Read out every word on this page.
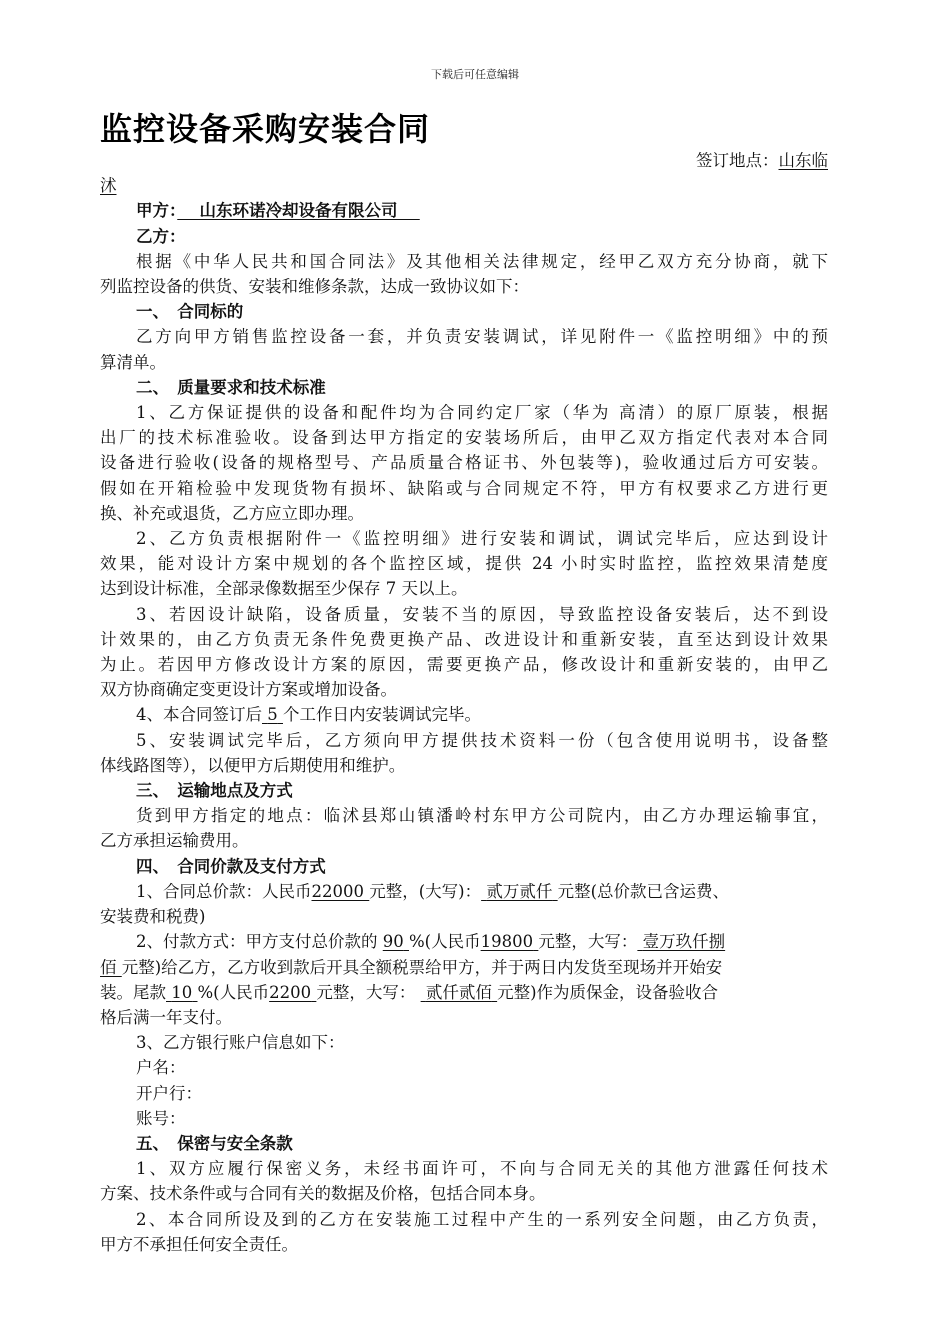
下载后可任意编辑
监控设备采购安装合同
签订地点：山东临
沭
甲方：　 山东环诺冷却设备有限公司　
乙方：
根据《中华人民共和国合同法》及其他相关法律规定，经甲乙双方充分协商，就下
列监控设备的供货、安装和维修条款，达成一致协议如下：
一、　合同标的
乙方向甲方销售监控设备一套，并负责安装调试，详见附件一《监控明细》中的预
算清单。
二、　质量要求和技术标准
1、乙方保证提供的设备和配件均为合同约定厂家（华为 高清）的原厂原装，根据
出厂的技术标准验收。设备到达甲方指定的安装场所后，由甲乙双方指定代表对本合同
设备进行验收(设备的规格型号、产品质量合格证书、外包装等)，验收通过后方可安装。
假如在开箱检验中发现货物有损坏、缺陷或与合同规定不符，甲方有权要求乙方进行更
换、补充或退货，乙方应立即办理。
2、乙方负责根据附件一《监控明细》进行安装和调试，调试完毕后，应达到设计
效果，能对设计方案中规划的各个监控区域，提供 24 小时实时监控，监控效果清楚度
达到设计标准，全部录像数据至少保存 7 天以上。
3、若因设计缺陷，设备质量，安装不当的原因，导致监控设备安装后，达不到设
计效果的，由乙方负责无条件免费更换产品、改进设计和重新安装，直至达到设计效果
为止。若因甲方修改设计方案的原因，需要更换产品，修改设计和重新安装的，由甲乙
双方协商确定变更设计方案或增加设备。
4、本合同签订后 5 个工作日内安装调试完毕。
5、安装调试完毕后，乙方须向甲方提供技术资料一份（包含使用说明书，设备整
体线路图等），以便甲方后期使用和维护。
三、　运输地点及方式
货到甲方指定的地点：临沭县郑山镇潘岭村东甲方公司院内，由乙方办理运输事宜，
乙方承担运输费用。
四、　合同价款及支付方式
1、合同总价款：人民币22000 元整，(大写)： 贰万贰仟 元整(总价款已含运费、
安装费和税费)
2、付款方式：甲方支付总价款的 90 %(人民币19800 元整，大写： 壹万玖仟捌
佰 元整)给乙方，乙方收到款后开具全额税票给甲方，并于两日内发货至现场并开始安
装。尾款 10 %(人民币2200 元整，大写： 贰仟贰佰 元整)作为质保金，设备验收合
格后满一年支付。
3、乙方银行账户信息如下：
户名：
开户行：
账号：
五、　保密与安全条款
1、双方应履行保密义务，未经书面许可，不向与合同无关的其他方泄露任何技术
方案、技术条件或与合同有关的数据及价格，包括合同本身。
2、本合同所设及到的乙方在安装施工过程中产生的一系列安全问题，由乙方负责，
甲方不承担任何安全责任。
